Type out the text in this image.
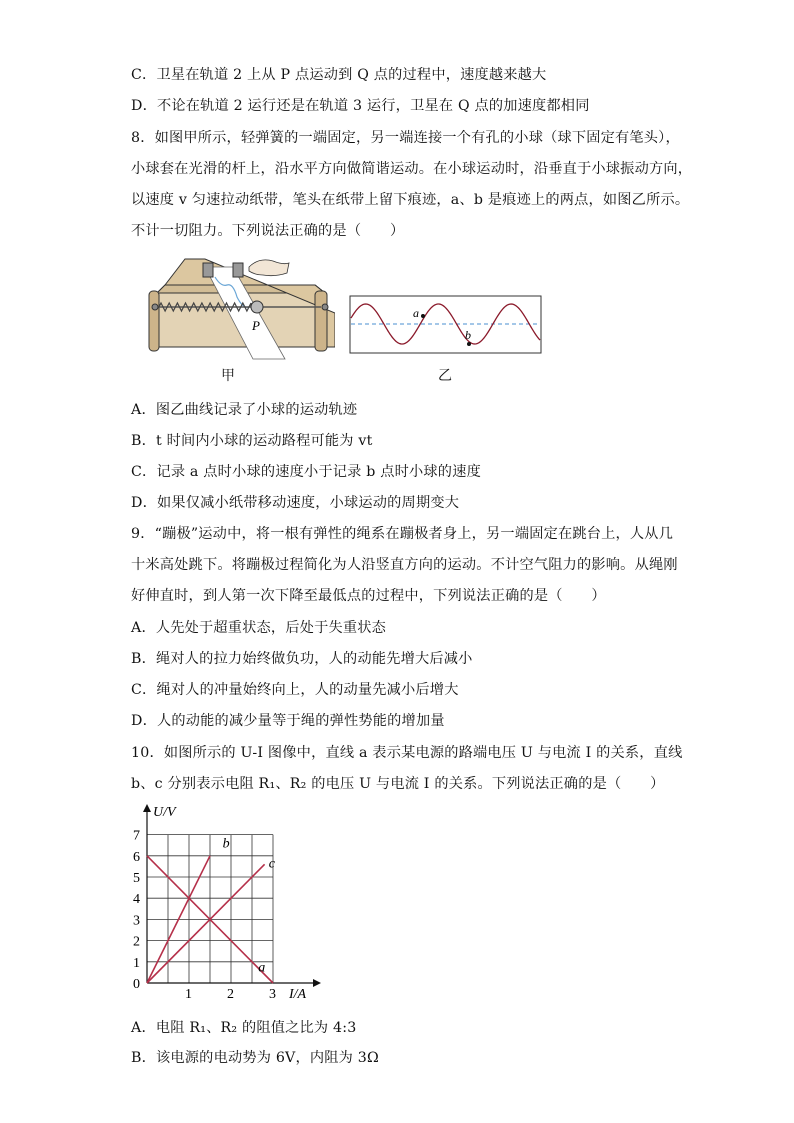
C．卫星在轨道 2 上从 P 点运动到 Q 点的过程中，速度越来越大
D．不论在轨道 2 运行还是在轨道 3 运行，卫星在 Q 点的加速度都相同
8．如图甲所示，轻弹簧的一端固定，另一端连接一个有孔的小球（球下固定有笔头），
小球套在光滑的杆上，沿水平方向做简谐运动。在小球运动时，沿垂直于小球振动方向，
以速度 v 匀速拉动纸带，笔头在纸带上留下痕迹，a、b 是痕迹上的两点，如图乙所示。
不计一切阻力。下列说法正确的是（　　）
P
甲
a
b
乙
A．图乙曲线记录了小球的运动轨迹
B．t 时间内小球的运动路程可能为 vt
C．记录 a 点时小球的速度小于记录 b 点时小球的速度
D．如果仅减小纸带移动速度，小球运动的周期变大
9．“蹦极”运动中，将一根有弹性的绳系在蹦极者身上，另一端固定在跳台上，人从几
十米高处跳下。将蹦极过程简化为人沿竖直方向的运动。不计空气阻力的影响。从绳刚
好伸直时，到人第一次下降至最低点的过程中，下列说法正确的是（　　）
A．人先处于超重状态，后处于失重状态
B．绳对人的拉力始终做负功，人的动能先增大后减小
C．绳对人的冲量始终向上，人的动量先减小后增大
D．人的动能的减少量等于绳的弹性势能的增加量
10．如图所示的 U-I 图像中，直线 a 表示某电源的路端电压 U 与电流 I 的关系，直线
b、c 分别表示电阻 R₁、R₂ 的电压 U 与电流 I 的关系。下列说法正确的是（　　）
a
b
c
1	2	3
1
2
3
4
5
6
7
U/V
I/A
0
A．电阻 R₁、R₂ 的阻值之比为 4:3
B．该电源的电动势为 6V，内阻为 3Ω
